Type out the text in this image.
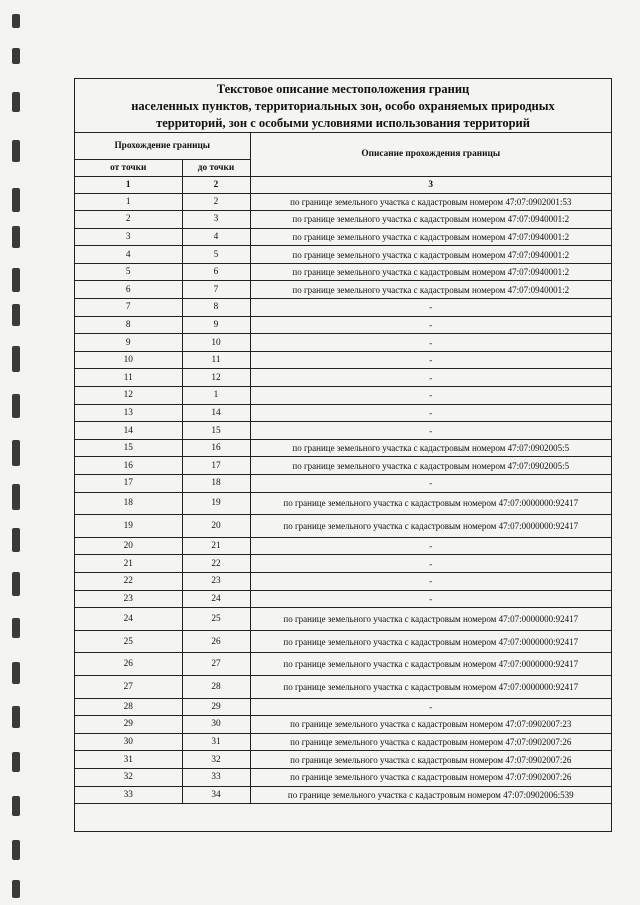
Текстовое описание местоположения границ
населенных пунктов, территориальных зон, особо охраняемых природных
территорий, зон с особыми условиями использования территорий
Прохождение границы		Описание прохождения границы
от точки	до точки	
1	2	3
1	2	по границе земельного участка с кадастровым номером 47:07:0902001:53
2	3	по границе земельного участка с кадастровым номером 47:07:0940001:2
3	4	по границе земельного участка с кадастровым номером 47:07:0940001:2
4	5	по границе земельного участка с кадастровым номером 47:07:0940001:2
5	6	по границе земельного участка с кадастровым номером 47:07:0940001:2
6	7	по границе земельного участка с кадастровым номером 47:07:0940001:2
7	8	-
8	9	-
9	10	-
10	11	-
11	12	-
12	1	-
13	14	-
14	15	-
15	16	по границе земельного участка с кадастровым номером 47:07:0902005:5
16	17	по границе земельного участка с кадастровым номером 47:07:0902005:5
17	18	-
18	19	по границе земельного участка с кадастровым номером 47:07:0000000:92417
19	20	по границе земельного участка с кадастровым номером 47:07:0000000:92417
20	21	-
21	22	-
22	23	-
23	24	-
24	25	по границе земельного участка с кадастровым номером 47:07:0000000:92417
25	26	по границе земельного участка с кадастровым номером 47:07:0000000:92417
26	27	по границе земельного участка с кадастровым номером 47:07:0000000:92417
27	28	по границе земельного участка с кадастровым номером 47:07:0000000:92417
28	29	-
29	30	по границе земельного участка с кадастровым номером 47:07:0902007:23
30	31	по границе земельного участка с кадастровым номером 47:07:0902007:26
31	32	по границе земельного участка с кадастровым номером 47:07:0902007:26
32	33	по границе земельного участка с кадастровым номером 47:07:0902007:26
33	34	по границе земельного участка с кадастровым номером 47:07:0902006:539
